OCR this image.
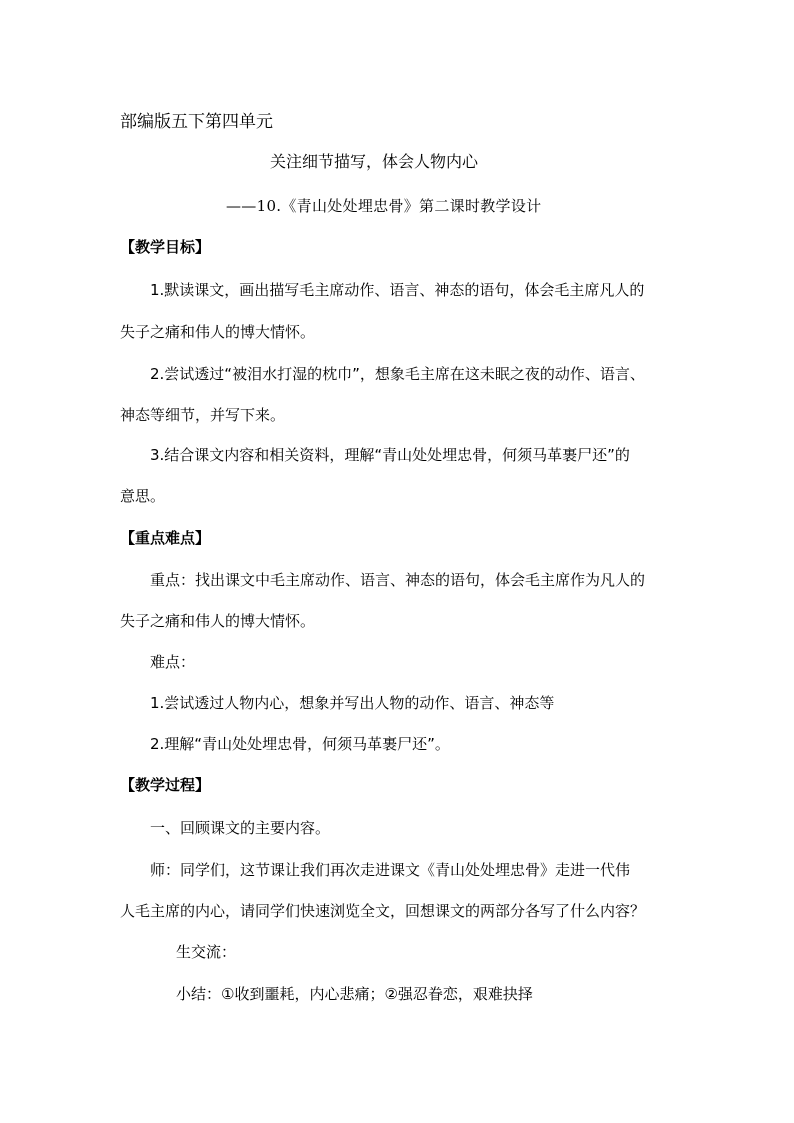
部编版五下第四单元
关注细节描写，体会人物内心
——10.《青山处处埋忠骨》第二课时教学设计
【教学目标】
1.默读课文，画出描写毛主席动作、语言、神态的语句，体会毛主席凡人的
失子之痛和伟人的博大情怀。
2.尝试透过“被泪水打湿的枕巾”，想象毛主席在这未眠之夜的动作、语言、
神态等细节，并写下来。
3.结合课文内容和相关资料，理解“青山处处埋忠骨，何须马革裹尸还”的
意思。
【重点难点】
重点：找出课文中毛主席动作、语言、神态的语句，体会毛主席作为凡人的
失子之痛和伟人的博大情怀。
难点：
1.尝试透过人物内心，想象并写出人物的动作、语言、神态等
2.理解“青山处处埋忠骨，何须马革裹尸还”。
【教学过程】
一、回顾课文的主要内容。
师：同学们，这节课让我们再次走进课文《青山处处埋忠骨》走进一代伟
人毛主席的内心，请同学们快速浏览全文，回想课文的两部分各写了什么内容？
生交流：
小结：①收到噩耗，内心悲痛；②强忍眷恋，艰难抉择
